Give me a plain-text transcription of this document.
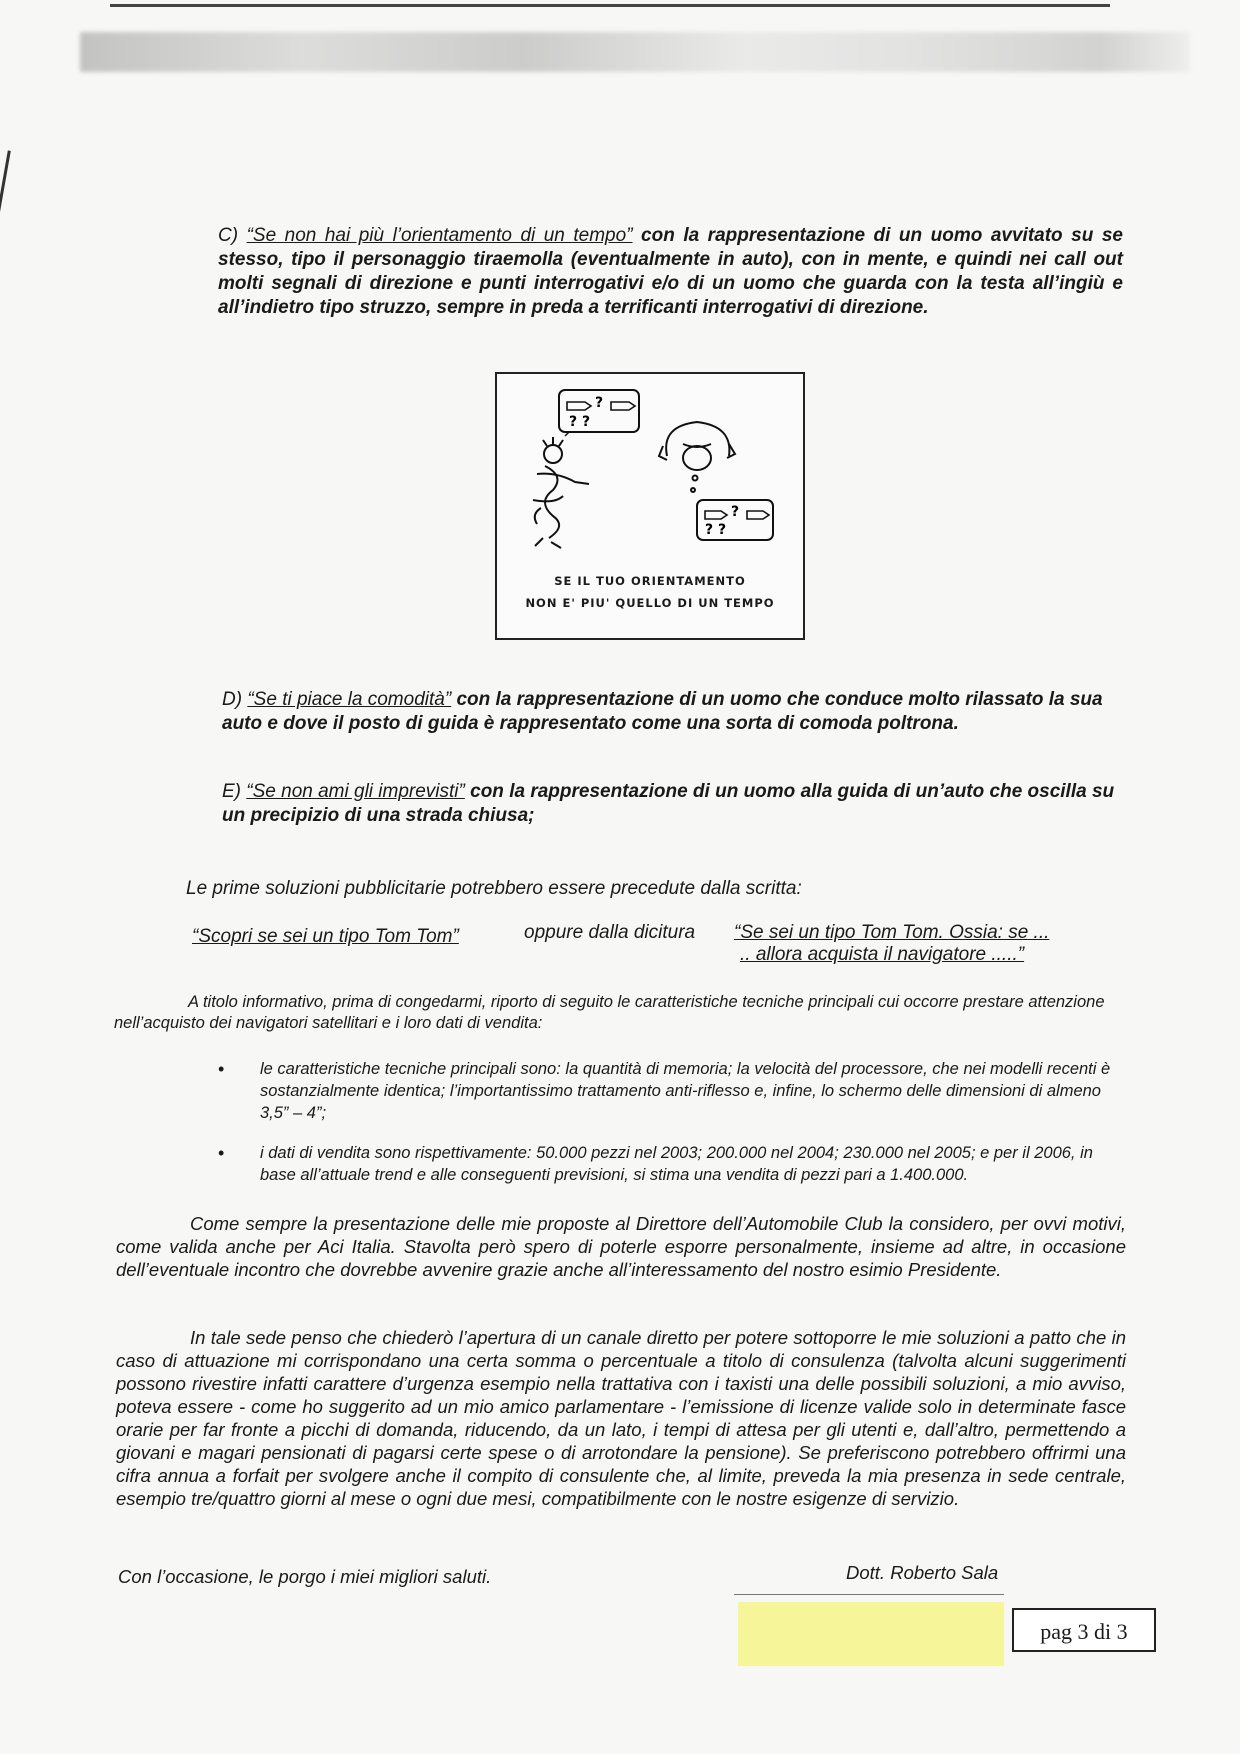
C) “Se non hai più l’orientamento di un tempo” con la rappresentazione di un uomo avvitato su se stesso, tipo il personaggio tiraemolla (eventualmente in auto), con in mente, e quindi nei call out molti segnali di direzione e punti interrogativi e/o di un uomo che guarda con la testa all’ingiù e all’indietro tipo struzzo, sempre in preda a terrificanti interrogativi di direzione.

?
? ?
?
? ?
SE IL TUO ORIENTAMENTO
NON E' PIU' QUELLO DI UN TEMPO

D) “Se ti piace la comodità” con la rappresentazione di un uomo che conduce molto rilassato la sua auto e dove il posto di guida è rappresentato come una sorta di comoda poltrona.

E) “Se non ami gli imprevisti” con la rappresentazione di un uomo alla guida di un’auto che oscilla su un precipizio di una strada chiusa;

Le prime soluzioni pubblicitarie potrebbero essere precedute dalla scritta:

“Scopri se sei un tipo Tom Tom”	oppure dalla dicitura “Se sei un tipo Tom Tom. Ossia: se ...
.. allora acquista il navigatore .....”

A titolo informativo, prima di congedarmi, riporto di seguito le caratteristiche tecniche principali cui occorre prestare attenzione nell’acquisto dei navigatori satellitari e i loro dati di vendita:

• le caratteristiche tecniche principali sono: la quantità di memoria; la velocità del processore, che nei modelli recenti è sostanzialmente identica; l’importantissimo trattamento anti-riflesso e, infine, lo schermo delle dimensioni di almeno 3,5” – 4”;
• i dati di vendita sono rispettivamente: 50.000 pezzi nel 2003; 200.000 nel 2004; 230.000 nel 2005; e per il 2006, in base all’attuale trend e alle conseguenti previsioni, si stima una vendita di pezzi pari a 1.400.000.

Come sempre la presentazione delle mie proposte al Direttore dell’Automobile Club la considero, per ovvi motivi, come valida anche per Aci Italia. Stavolta però spero di poterle esporre personalmente, insieme ad altre, in occasione dell’eventuale incontro che dovrebbe avvenire grazie anche all’interessamento del nostro esimio Presidente.

In tale sede penso che chiederò l’apertura di un canale diretto per potere sottoporre le mie soluzioni a patto che in caso di attuazione mi corrispondano una certa somma o percentuale a titolo di consulenza (talvolta alcuni suggerimenti possono rivestire infatti carattere d’urgenza esempio nella trattativa con i taxisti una delle possibili soluzioni, a mio avviso, poteva essere - come ho suggerito ad un mio amico parlamentare - l’emissione di licenze valide solo in determinate fasce orarie per far fronte a picchi di domanda, riducendo, da un lato, i tempi di attesa per gli utenti e, dall’altro, permettendo a giovani e magari pensionati di pagarsi certe spese o di arrotondare la pensione). Se preferiscono potrebbero offrirmi una cifra annua a forfait per svolgere anche il compito di consulente che, al limite, preveda la mia presenza in sede centrale, esempio tre/quattro giorni al mese o ogni due mesi, compatibilmente con le nostre esigenze di servizio.

Con l’occasione, le porgo i miei migliori saluti.	Dott. Roberto Sala

pag 3 di 3
